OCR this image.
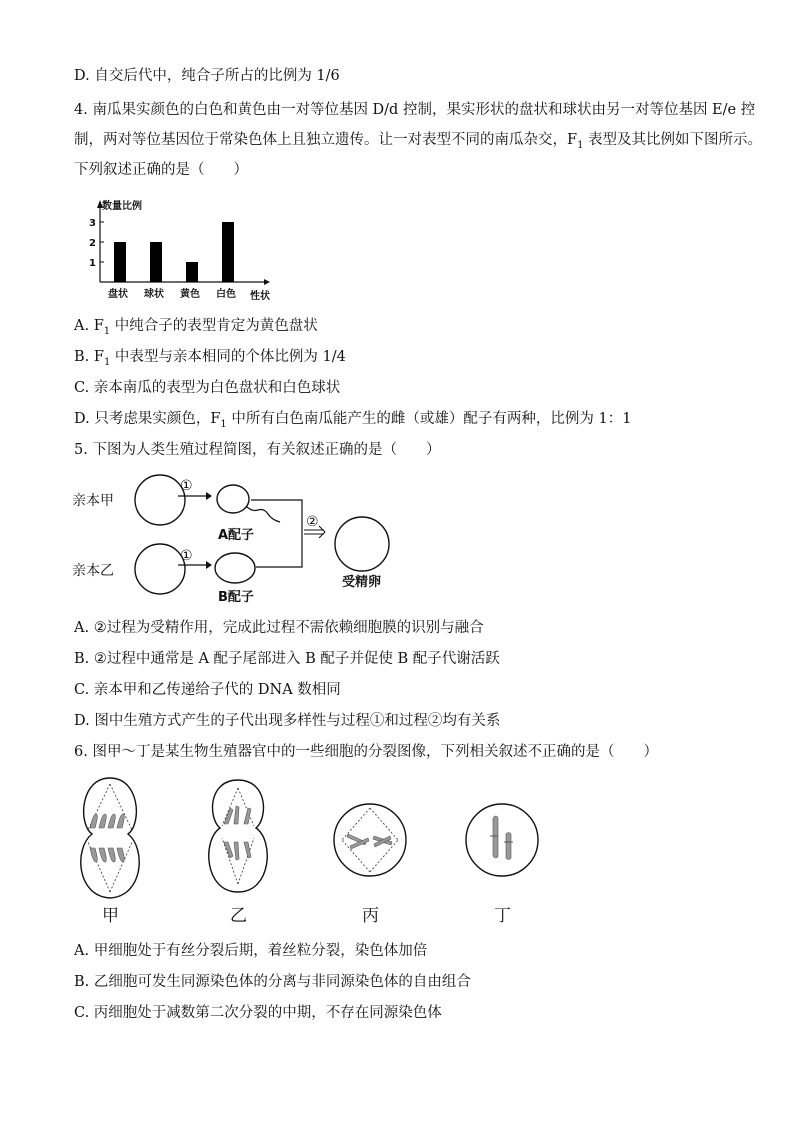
D. 自交后代中，纯合子所占的比例为 1/6
4. 南瓜果实颜色的白色和黄色由一对等位基因 D/d 控制，果实形状的盘状和球状由另一对等位基因 E/e 控
制，两对等位基因位于常染色体上且独立遗传。让一对表型不同的南瓜杂交，$F_1$ 表型及其比例如下图所示。
下列叙述正确的是（　　）
数量比例
1
2
3
盘状 球状 黄色 白色 性状
A. $F_1$ 中纯合子的表型肯定为黄色盘状
B. $F_1$ 中表型与亲本相同的个体比例为 1/4
C. 亲本南瓜的表型为白色盘状和白色球状
D. 只考虑果实颜色，$F_1$ 中所有白色南瓜能产生的雌（或雄）配子有两种，比例为 1：1
5. 下图为人类生殖过程简图，有关叙述正确的是（　　）
亲本甲
①
A配子
亲本乙
①
B配子
②
受精卵
A. ②过程为受精作用，完成此过程不需依赖细胞膜的识别与融合
B. ②过程中通常是 A 配子尾部进入 B 配子并促使 B 配子代谢活跃
C. 亲本甲和乙传递给子代的 DNA 数相同
D. 图中生殖方式产生的子代出现多样性与过程①和过程②均有关系
6. 图甲～丁是某生物生殖器官中的一些细胞的分裂图像，下列相关叙述不正确的是（　　）
甲	乙	丙	丁
A. 甲细胞处于有丝分裂后期，着丝粒分裂，染色体加倍
B. 乙细胞可发生同源染色体的分离与非同源染色体的自由组合
C. 丙细胞处于减数第二次分裂的中期，不存在同源染色体
